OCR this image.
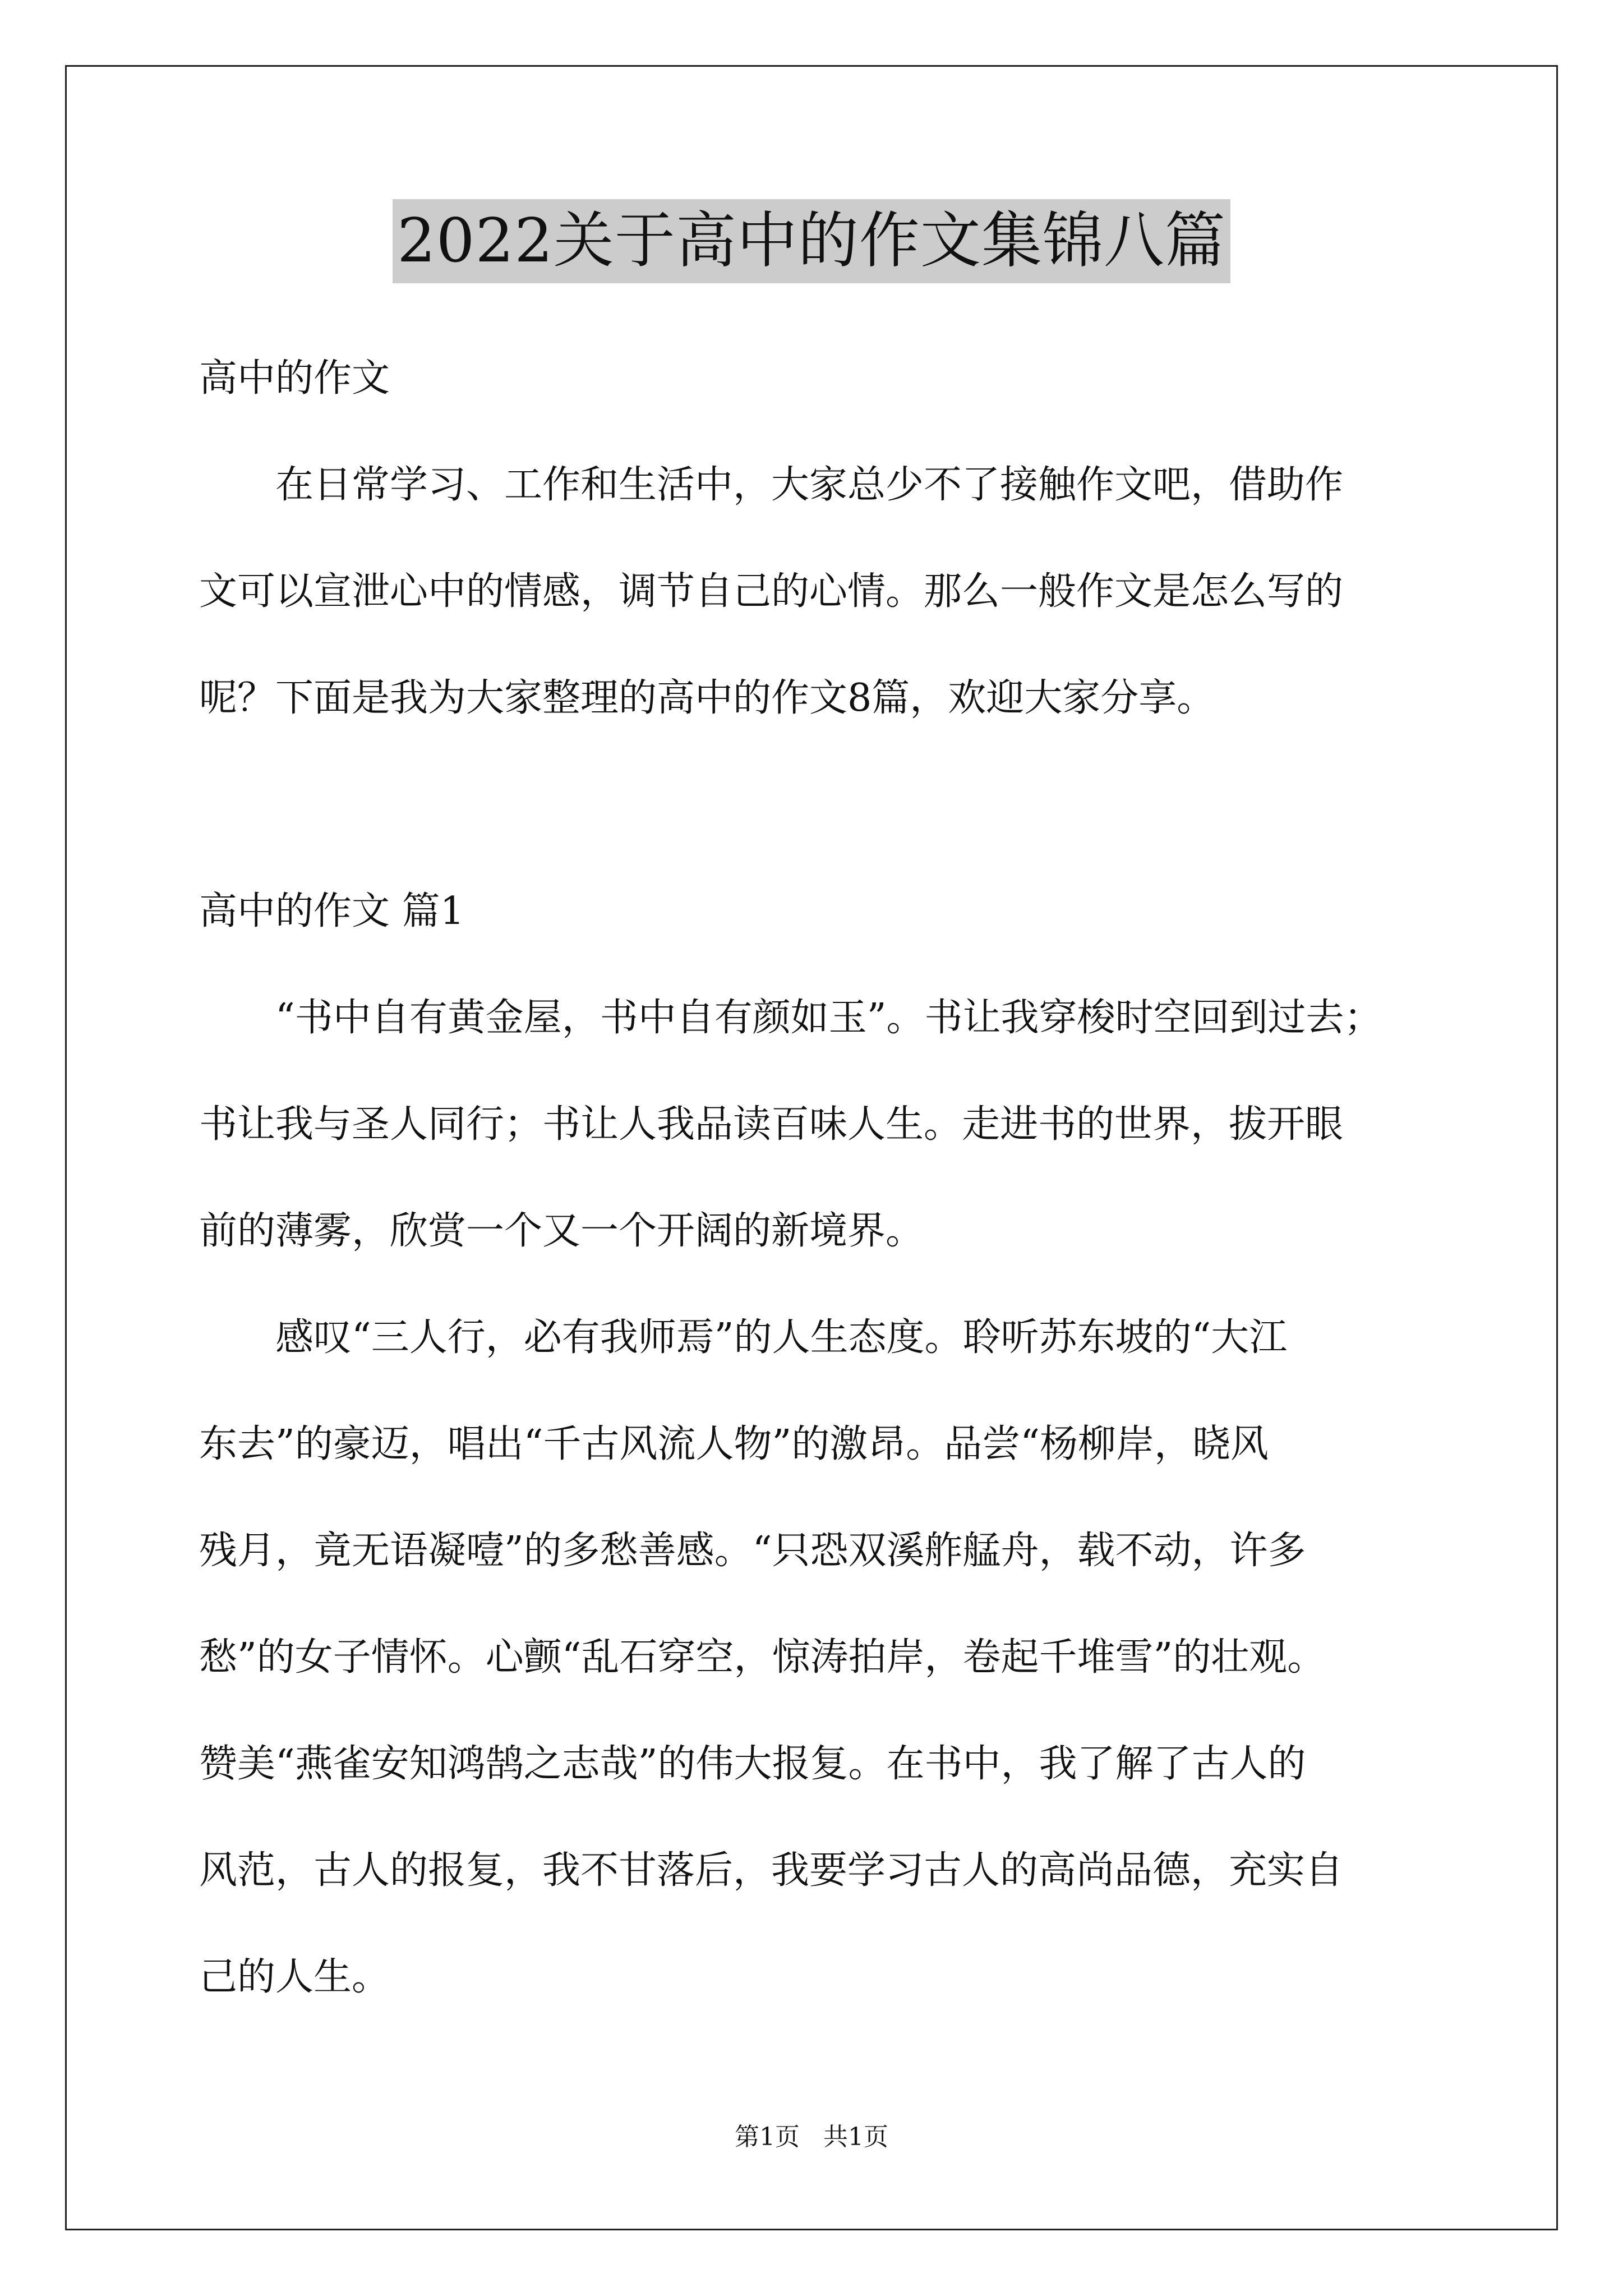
2022关于高中的作文集锦八篇
高中的作文
在日常学习、工作和生活中，大家总少不了接触作文吧，借助作
文可以宣泄心中的情感，调节自己的心情。那么一般作文是怎么写的
呢？下面是我为大家整理的高中的作文8篇，欢迎大家分享。
高中的作文 篇1
“书中自有黄金屋，书中自有颜如玉”。书让我穿梭时空回到过去；
书让我与圣人同行；书让人我品读百味人生。走进书的世界，拔开眼
前的薄雾，欣赏一个又一个开阔的新境界。
感叹“三人行，必有我师焉”的人生态度。聆听苏东坡的“大江
东去”的豪迈，唱出“千古风流人物”的激昂。品尝“杨柳岸，晓风
残月，竟无语凝噎”的多愁善感。“只恐双溪舴艋舟，载不动，许多
愁”的女子情怀。心颤“乱石穿空，惊涛拍岸，卷起千堆雪”的壮观。
赞美“燕雀安知鸿鹄之志哉”的伟大报复。在书中，我了解了古人的
风范，古人的报复，我不甘落后，我要学习古人的高尚品德，充实自
己的人生。
第1页   共1页
